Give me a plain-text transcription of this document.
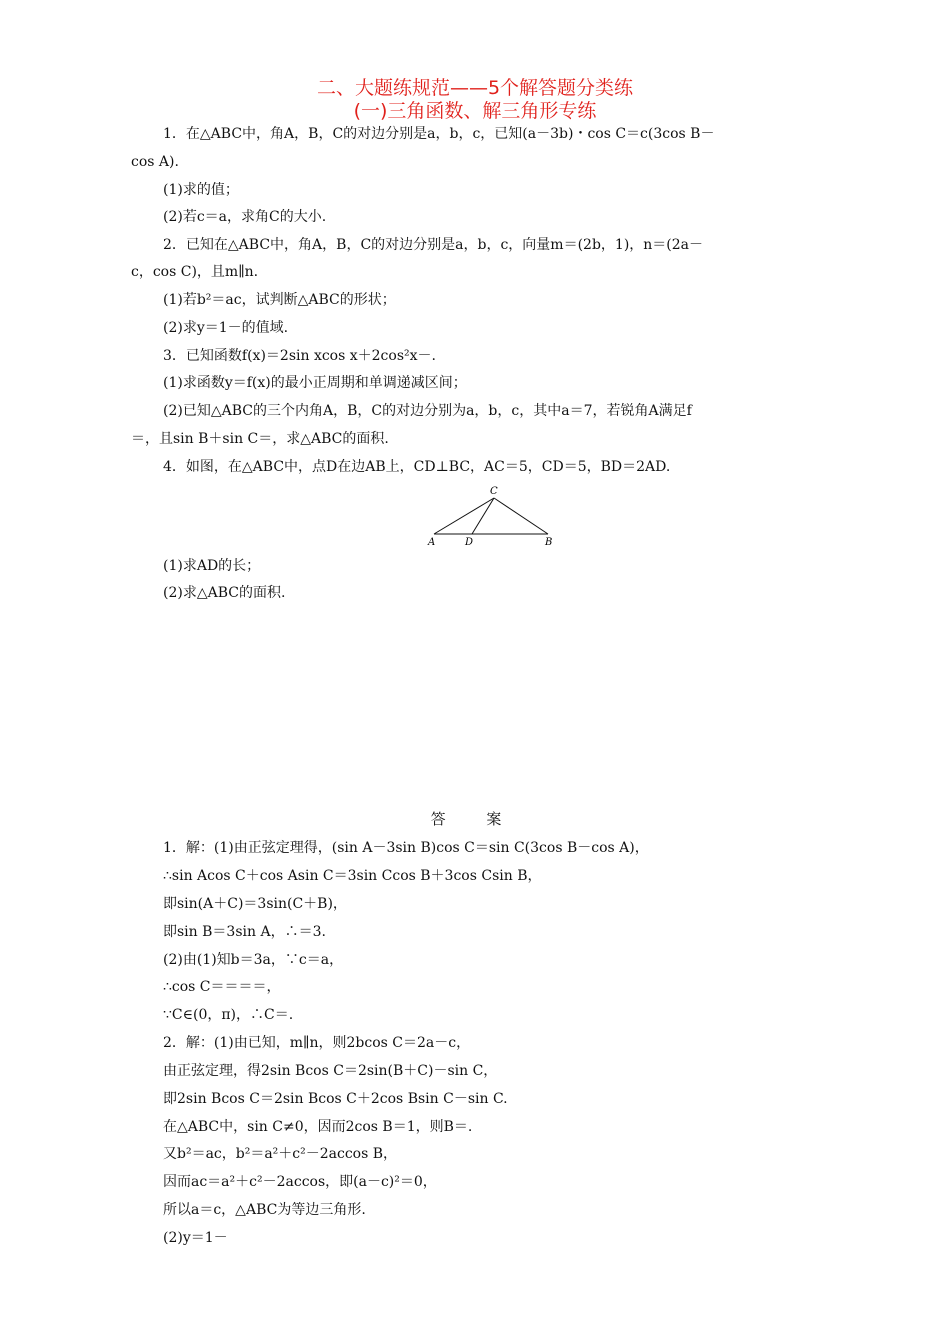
二、大题练规范——5个解答题分类练
(一)三角函数、解三角形专练
1．在△ABC中，角A，B，C的对边分别是a，b，c，已知(a－3b)・cos C＝c(3cos B－
cos A).
(1)求的值；
(2)若c＝a，求角C的大小.
2．已知在△ABC中，角A，B，C的对边分别是a，b，c，向量m＝(2b，1)，n＝(2a－
c，cos C)，且m∥n.
(1)若b²＝ac，试判断△ABC的形状；
(2)求y＝1－的值域.
3．已知函数f(x)＝2sin xcos x＋2cos²x－.
(1)求函数y＝f(x)的最小正周期和单调递减区间；
(2)已知△ABC的三个内角A，B，C的对边分别为a，b，c，其中a＝7，若锐角A满足f
＝，且sin B＋sin C＝，求△ABC的面积.
4．如图，在△ABC中，点D在边AB上，CD⊥BC，AC＝5，CD＝5，BD＝2AD.
C
A	D	B
(1)求AD的长；
(2)求△ABC的面积.
答 案
1．解：(1)由正弦定理得，(sin A－3sin B)cos C＝sin C(3cos B－cos A)，
∴sin Acos C＋cos Asin C＝3sin Ccos B＋3cos Csin B，
即sin(A＋C)＝3sin(C＋B)，
即sin B＝3sin A，∴＝3.
(2)由(1)知b＝3a，∵c＝a，
∴cos C＝＝＝＝，
∵C∈(0，π)，∴C＝.
2．解：(1)由已知，m∥n，则2bcos C＝2a－c，
由正弦定理，得2sin Bcos C＝2sin(B＋C)－sin C，
即2sin Bcos C＝2sin Bcos C＋2cos Bsin C－sin C.
在△ABC中，sin C≠0，因而2cos B＝1，则B＝.
又b²＝ac，b²＝a²＋c²－2accos B，
因而ac＝a²＋c²－2accos，即(a－c)²＝0，
所以a＝c，△ABC为等边三角形.
(2)y＝1－
